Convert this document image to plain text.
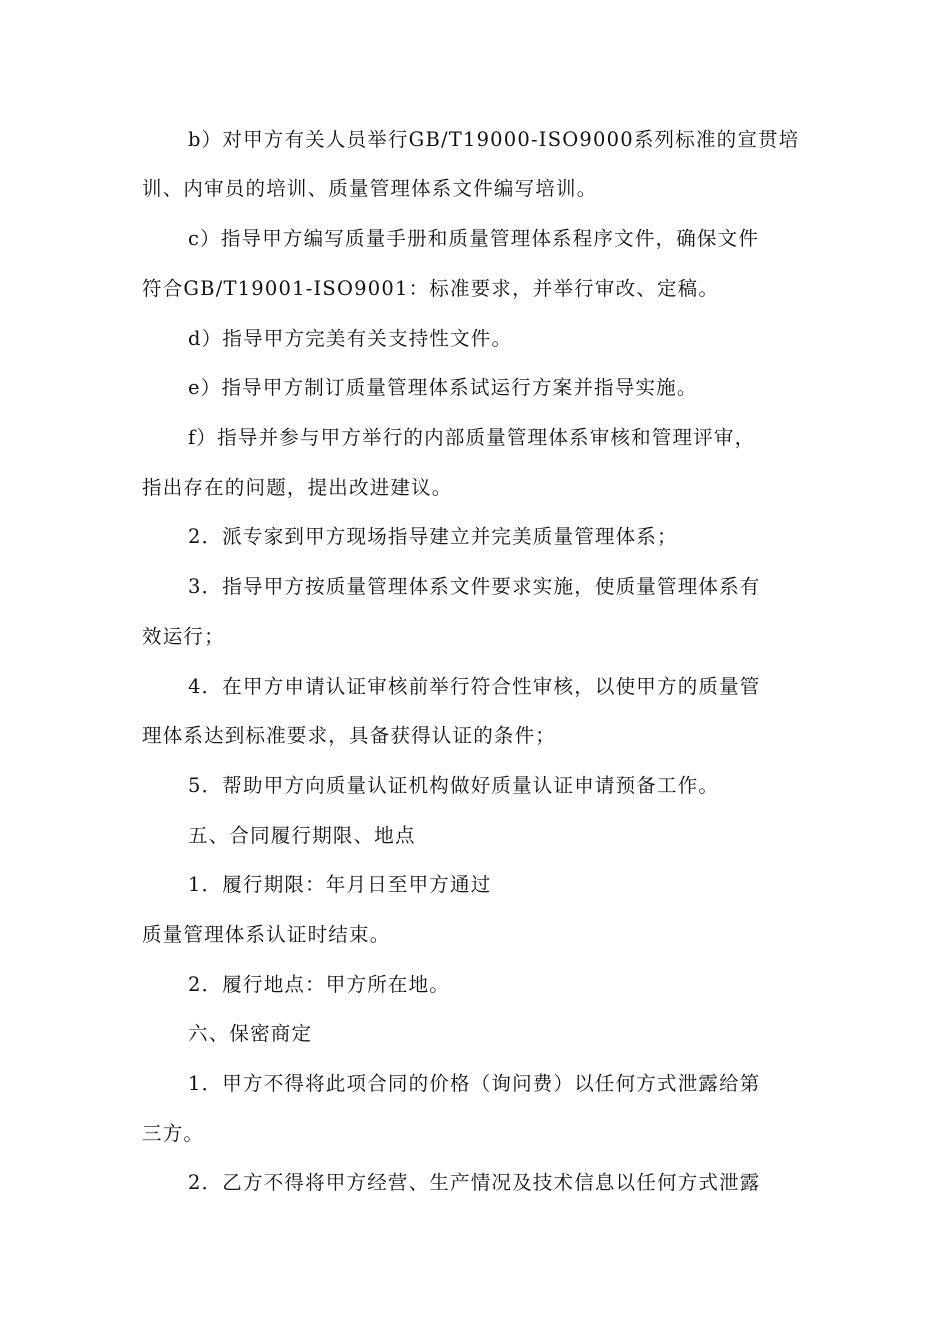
b）对甲方有关人员举行GB/T19000-ISO9000系列标准的宣贯培
训、内审员的培训、质量管理体系文件编写培训。
c）指导甲方编写质量手册和质量管理体系程序文件，确保文件
符合GB/T19001-ISO9001：标准要求，并举行审改、定稿。
d）指导甲方完美有关支持性文件。
e）指导甲方制订质量管理体系试运行方案并指导实施。
f）指导并参与甲方举行的内部质量管理体系审核和管理评审，
指出存在的问题，提出改进建议。
2．派专家到甲方现场指导建立并完美质量管理体系；
3．指导甲方按质量管理体系文件要求实施，使质量管理体系有
效运行；
4．在甲方申请认证审核前举行符合性审核，以使甲方的质量管
理体系达到标准要求，具备获得认证的条件；
5．帮助甲方向质量认证机构做好质量认证申请预备工作。
五、合同履行期限、地点
1．履行期限：年月日至甲方通过
质量管理体系认证时结束。
2．履行地点：甲方所在地。
六、保密商定
1．甲方不得将此项合同的价格（询问费）以任何方式泄露给第
三方。
2．乙方不得将甲方经营、生产情况及技术信息以任何方式泄露
